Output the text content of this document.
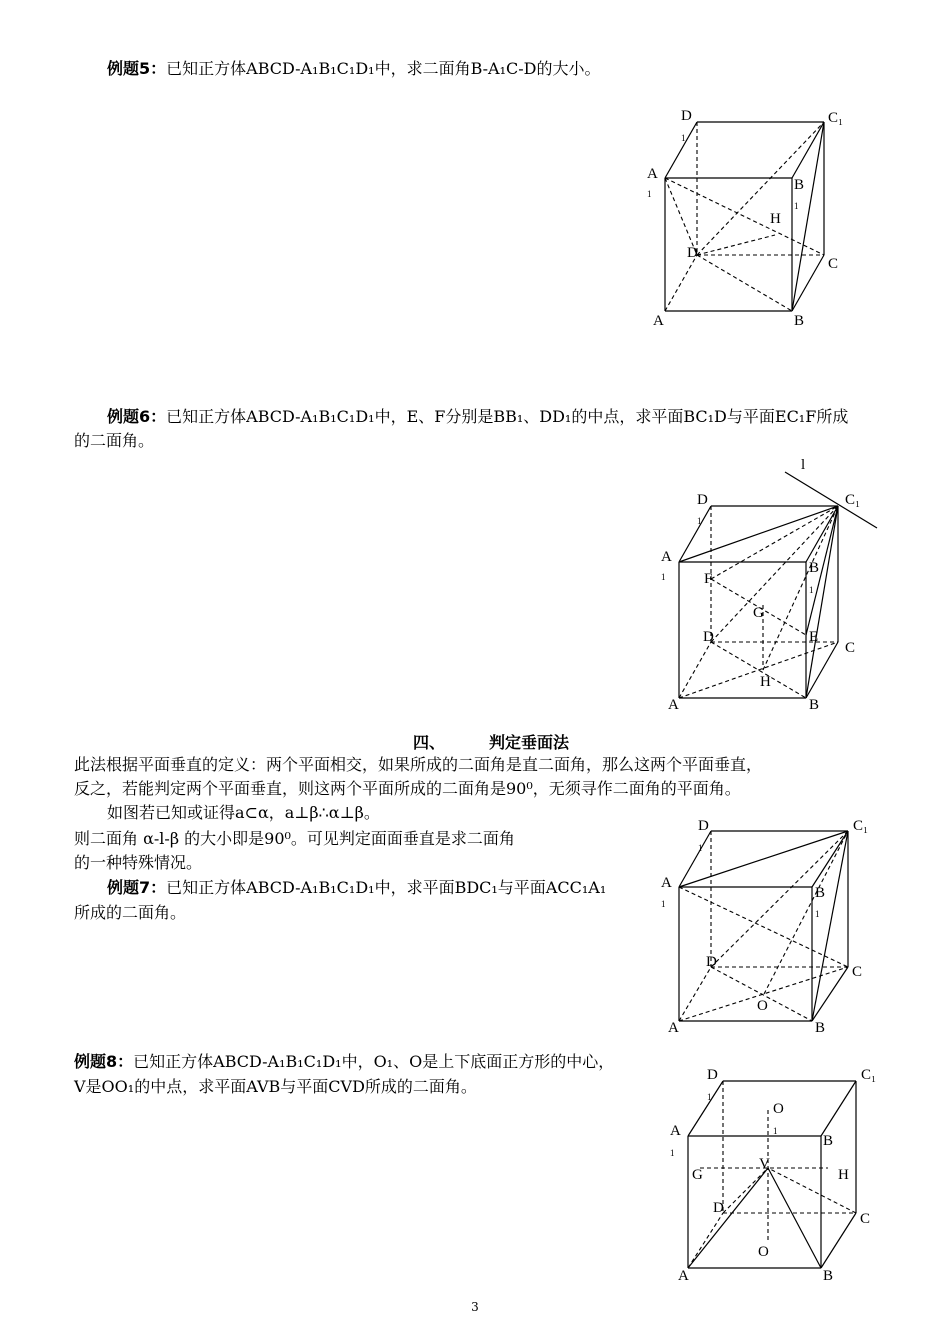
例题5：已知正方体ABCD-A₁B₁C₁D₁中，求二面角B-A₁C-D的大小。
D
1
C₁
A
1
B
1
H
D
C
A	B
例题6：已知正方体ABCD-A₁B₁C₁D₁中，E、F分别是BB₁、DD₁的中点，求平面BC₁D与平面EC₁F所成
的二面角。
l
D
1
C₁
A
1	F
B
1
G
D	E
C
H
A	B
四、	判定垂面法
此法根据平面垂直的定义：两个平面相交，如果所成的二面角是直二面角，那么这两个平面垂直，
反之，若能判定两个平面垂直，则这两个平面所成的二面角是90⁰，无须寻作二面角的平面角。
如图若已知或证得a⊂α，a⊥β∴α⊥β。
则二面角 α-l-β 的大小即是90⁰。可见判定面面垂直是求二面角
的一种特殊情况。
例题7：已知正方体ABCD-A₁B₁C₁D₁中，求平面BDC₁与平面ACC₁A₁
所成的二面角。
D
1
C₁
A
1
B
1
D
C
O
A	B
例题8：已知正方体ABCD-A₁B₁C₁D₁中，O₁、O是上下底面正方形的中心，
V是OO₁的中点，求平面AVB与平面CVD所成的二面角。
D
1
C₁
O
1
A
1
B
G
V
H
D
C
O
A	B
3
